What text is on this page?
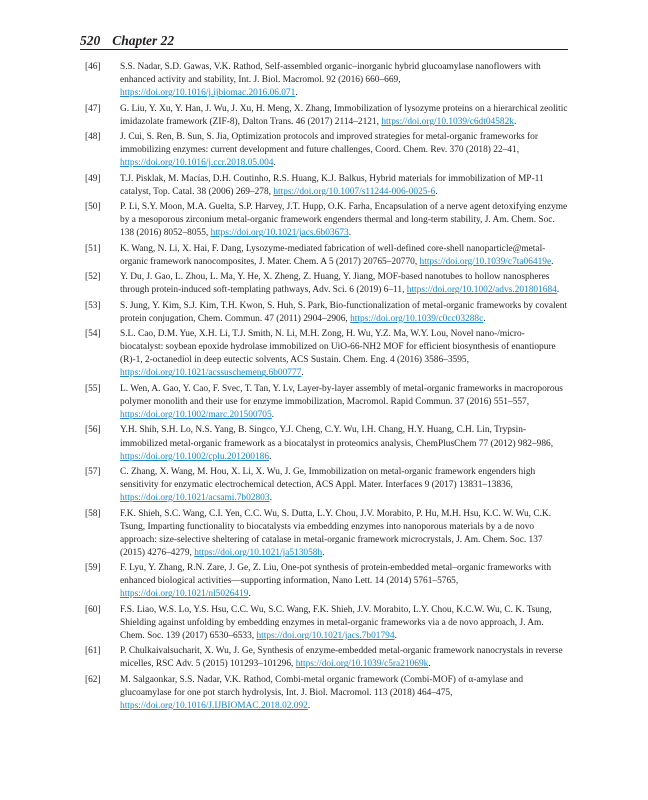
520 Chapter 22
[46] S.S. Nadar, S.D. Gawas, V.K. Rathod, Self-assembled organic–inorganic hybrid glucoamylase nanoflowers with enhanced activity and stability, Int. J. Biol. Macromol. 92 (2016) 660–669, https://doi.org/10.1016/j.ijbiomac.2016.06.071.
[47] G. Liu, Y. Xu, Y. Han, J. Wu, J. Xu, H. Meng, X. Zhang, Immobilization of lysozyme proteins on a hierarchical zeolitic imidazolate framework (ZIF-8), Dalton Trans. 46 (2017) 2114–2121, https://doi.org/10.1039/c6dt04582k.
[48] J. Cui, S. Ren, B. Sun, S. Jia, Optimization protocols and improved strategies for metal-organic frameworks for immobilizing enzymes: current development and future challenges, Coord. Chem. Rev. 370 (2018) 22–41, https://doi.org/10.1016/j.ccr.2018.05.004.
[49] T.J. Pisklak, M. Macías, D.H. Coutinho, R.S. Huang, K.J. Balkus, Hybrid materials for immobilization of MP-11 catalyst, Top. Catal. 38 (2006) 269–278, https://doi.org/10.1007/s11244-006-0025-6.
[50] P. Li, S.Y. Moon, M.A. Guelta, S.P. Harvey, J.T. Hupp, O.K. Farha, Encapsulation of a nerve agent detoxifying enzyme by a mesoporous zirconium metal-organic framework engenders thermal and long-term stability, J. Am. Chem. Soc. 138 (2016) 8052–8055, https://doi.org/10.1021/jacs.6b03673.
[51] K. Wang, N. Li, X. Hai, F. Dang, Lysozyme-mediated fabrication of well-defined core-shell nanoparticle@metal-organic framework nanocomposites, J. Mater. Chem. A 5 (2017) 20765–20770, https://doi.org/10.1039/c7ta06419e.
[52] Y. Du, J. Gao, L. Zhou, L. Ma, Y. He, X. Zheng, Z. Huang, Y. Jiang, MOF-based nanotubes to hollow nanospheres through protein-induced soft-templating pathways, Adv. Sci. 6 (2019) 6–11, https://doi.org/10.1002/advs.201801684.
[53] S. Jung, Y. Kim, S.J. Kim, T.H. Kwon, S. Huh, S. Park, Bio-functionalization of metal-organic frameworks by covalent protein conjugation, Chem. Commun. 47 (2011) 2904–2906, https://doi.org/10.1039/c0cc03288c.
[54] S.L. Cao, D.M. Yue, X.H. Li, T.J. Smith, N. Li, M.H. Zong, H. Wu, Y.Z. Ma, W.Y. Lou, Novel nano-/micro-biocatalyst: soybean epoxide hydrolase immobilized on UiO-66-NH2 MOF for efficient biosynthesis of enantiopure (R)-1, 2-octanediol in deep eutectic solvents, ACS Sustain. Chem. Eng. 4 (2016) 3586–3595, https://doi.org/10.1021/acssuschemeng.6b00777.
[55] L. Wen, A. Gao, Y. Cao, F. Svec, T. Tan, Y. Lv, Layer-by-layer assembly of metal-organic frameworks in macroporous polymer monolith and their use for enzyme immobilization, Macromol. Rapid Commun. 37 (2016) 551–557, https://doi.org/10.1002/marc.201500705.
[56] Y.H. Shih, S.H. Lo, N.S. Yang, B. Singco, Y.J. Cheng, C.Y. Wu, I.H. Chang, H.Y. Huang, C.H. Lin, Trypsin-immobilized metal-organic framework as a biocatalyst in proteomics analysis, ChemPlusChem 77 (2012) 982–986, https://doi.org/10.1002/cplu.201200186.
[57] C. Zhang, X. Wang, M. Hou, X. Li, X. Wu, J. Ge, Immobilization on metal-organic framework engenders high sensitivity for enzymatic electrochemical detection, ACS Appl. Mater. Interfaces 9 (2017) 13831–13836, https://doi.org/10.1021/acsami.7b02803.
[58] F.K. Shieh, S.C. Wang, C.I. Yen, C.C. Wu, S. Dutta, L.Y. Chou, J.V. Morabito, P. Hu, M.H. Hsu, K.C. W. Wu, C.K. Tsung, Imparting functionality to biocatalysts via embedding enzymes into nanoporous materials by a de novo approach: size-selective sheltering of catalase in metal-organic framework microcrystals, J. Am. Chem. Soc. 137 (2015) 4276–4279, https://doi.org/10.1021/ja513058h.
[59] F. Lyu, Y. Zhang, R.N. Zare, J. Ge, Z. Liu, One-pot synthesis of protein-embedded metal–organic frameworks with enhanced biological activities—supporting information, Nano Lett. 14 (2014) 5761–5765, https://doi.org/10.1021/nl5026419.
[60] F.S. Liao, W.S. Lo, Y.S. Hsu, C.C. Wu, S.C. Wang, F.K. Shieh, J.V. Morabito, L.Y. Chou, K.C.W. Wu, C. K. Tsung, Shielding against unfolding by embedding enzymes in metal-organic frameworks via a de novo approach, J. Am. Chem. Soc. 139 (2017) 6530–6533, https://doi.org/10.1021/jacs.7b01794.
[61] P. Chulkaivalsucharit, X. Wu, J. Ge, Synthesis of enzyme-embedded metal-organic framework nanocrystals in reverse micelles, RSC Adv. 5 (2015) 101293–101296, https://doi.org/10.1039/c5ra21069k.
[62] M. Salgaonkar, S.S. Nadar, V.K. Rathod, Combi-metal organic framework (Combi-MOF) of α-amylase and glucoamylase for one pot starch hydrolysis, Int. J. Biol. Macromol. 113 (2018) 464–475, https://doi.org/10.1016/J.IJBIOMAC.2018.02.092.
